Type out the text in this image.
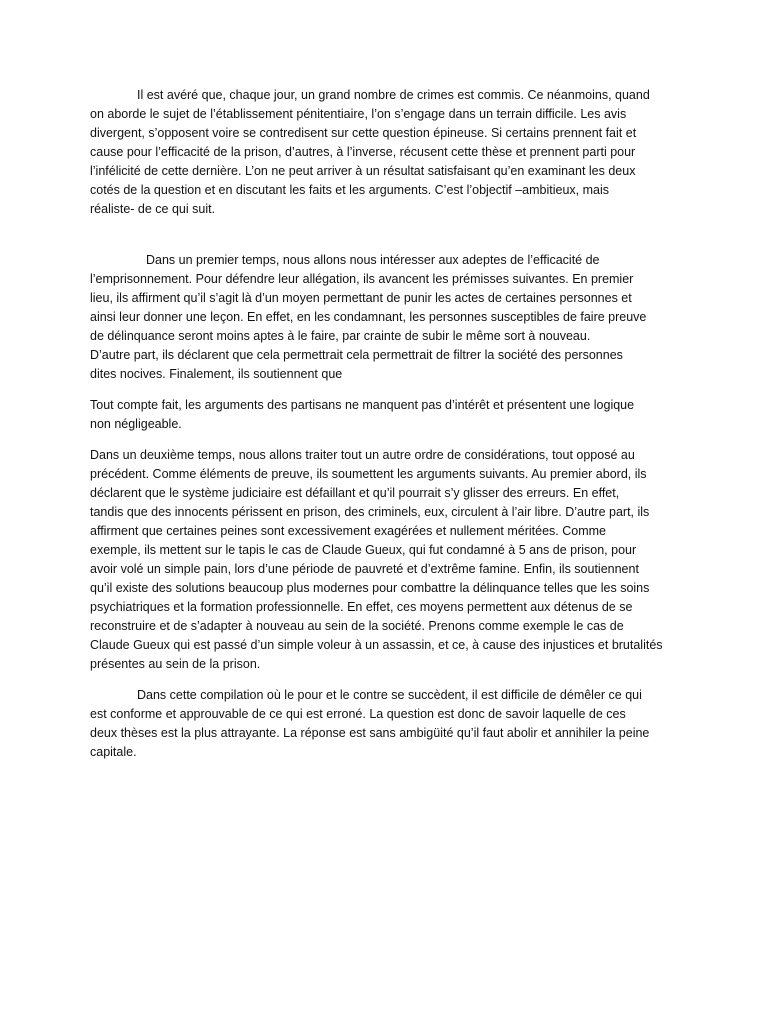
Il est avéré que, chaque jour, un grand nombre de crimes est commis. Ce néanmoins, quand
on aborde le sujet de l’établissement pénitentiaire, l’on s’engage dans un terrain difficile. Les avis
divergent, s’opposent voire se contredisent sur cette question épineuse. Si certains prennent fait et
cause pour l’efficacité de la prison, d’autres, à l’inverse, récusent cette thèse et prennent parti pour
l’infélicité de cette dernière. L’on ne peut arriver à un résultat satisfaisant qu’en examinant les deux
cotés de la question et en discutant les faits et les arguments. C’est l’objectif –ambitieux, mais
réaliste- de ce qui suit.

Dans un premier temps, nous allons nous intéresser aux adeptes de l’efficacité de
l’emprisonnement. Pour défendre leur allégation, ils avancent les prémisses suivantes. En premier
lieu, ils affirment qu’il s’agit là d’un moyen permettant de punir les actes de certaines personnes et
ainsi leur donner une leçon. En effet, en les condamnant, les personnes susceptibles de faire preuve
de délinquance seront moins aptes à le faire, par crainte de subir le même sort à nouveau.
D’autre part, ils déclarent que cela permettrait cela permettrait de filtrer la société des personnes
dites nocives. Finalement, ils soutiennent que

Tout compte fait, les arguments des partisans ne manquent pas d’intérêt et présentent une logique
non négligeable.

Dans un deuxième temps, nous allons traiter tout un autre ordre de considérations, tout opposé au
précédent. Comme éléments de preuve, ils soumettent les arguments suivants. Au premier abord, ils
déclarent que le système judiciaire est défaillant et qu’il pourrait s’y glisser des erreurs. En effet,
tandis que des innocents périssent en prison, des criminels, eux, circulent à l’air libre. D’autre part, ils
affirment que certaines peines sont excessivement exagérées et nullement méritées. Comme
exemple, ils mettent sur le tapis le cas de Claude Gueux, qui fut condamné à 5 ans de prison, pour
avoir volé un simple pain, lors d’une période de pauvreté et d’extrême famine. Enfin, ils soutiennent
qu’il existe des solutions beaucoup plus modernes pour combattre la délinquance telles que les soins
psychiatriques et la formation professionnelle. En effet, ces moyens permettent aux détenus de se
reconstruire et de s’adapter à nouveau au sein de la société. Prenons comme exemple le cas de
Claude Gueux qui est passé d’un simple voleur à un assassin, et ce, à cause des injustices et brutalités
présentes au sein de la prison.

Dans cette compilation où le pour et le contre se succèdent, il est difficile de démêler ce qui
est conforme et approuvable de ce qui est erroné. La question est donc de savoir laquelle de ces
deux thèses est la plus attrayante. La réponse est sans ambigüité qu’il faut abolir et annihiler la peine
capitale.
